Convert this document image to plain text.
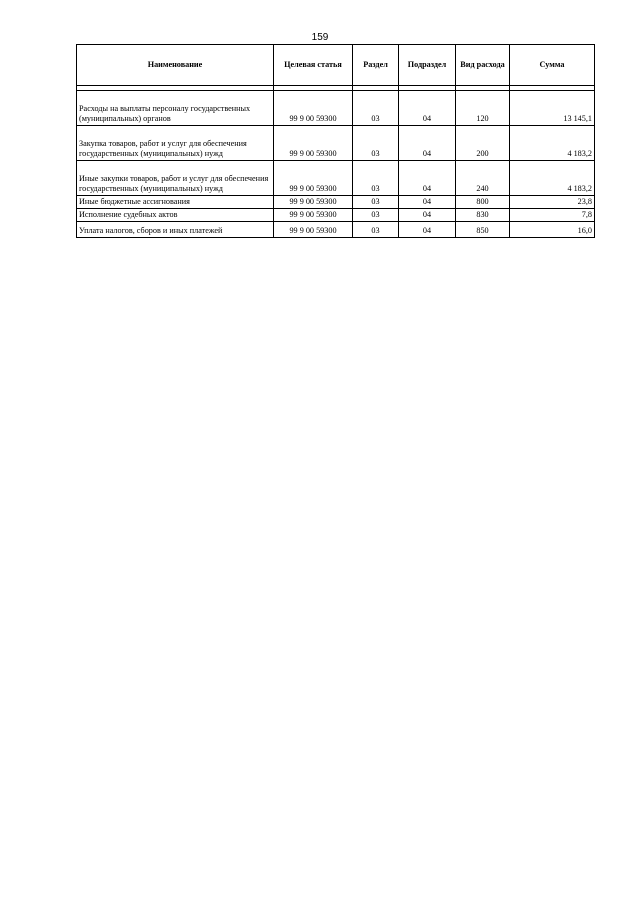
159
Наименование	Целевая статья	Раздел	Подраздел	Вид расхода	Сумма

Расходы на выплаты персоналу государственных (муниципальных) органов	99 9 00 59300	03	04	120	13 145,1
Закупка товаров, работ и услуг для обеспечения государственных (муниципальных) нужд	99 9 00 59300	03	04	200	4 183,2
Иные закупки товаров, работ и услуг для обеспечения государственных (муниципальных) нужд	99 9 00 59300	03	04	240	4 183,2
Иные бюджетные ассигнования	99 9 00 59300	03	04	800	23,8
Исполнение судебных актов	99 9 00 59300	03	04	830	7,8
Уплата налогов, сборов и иных платежей	99 9 00 59300	03	04	850	16,0
